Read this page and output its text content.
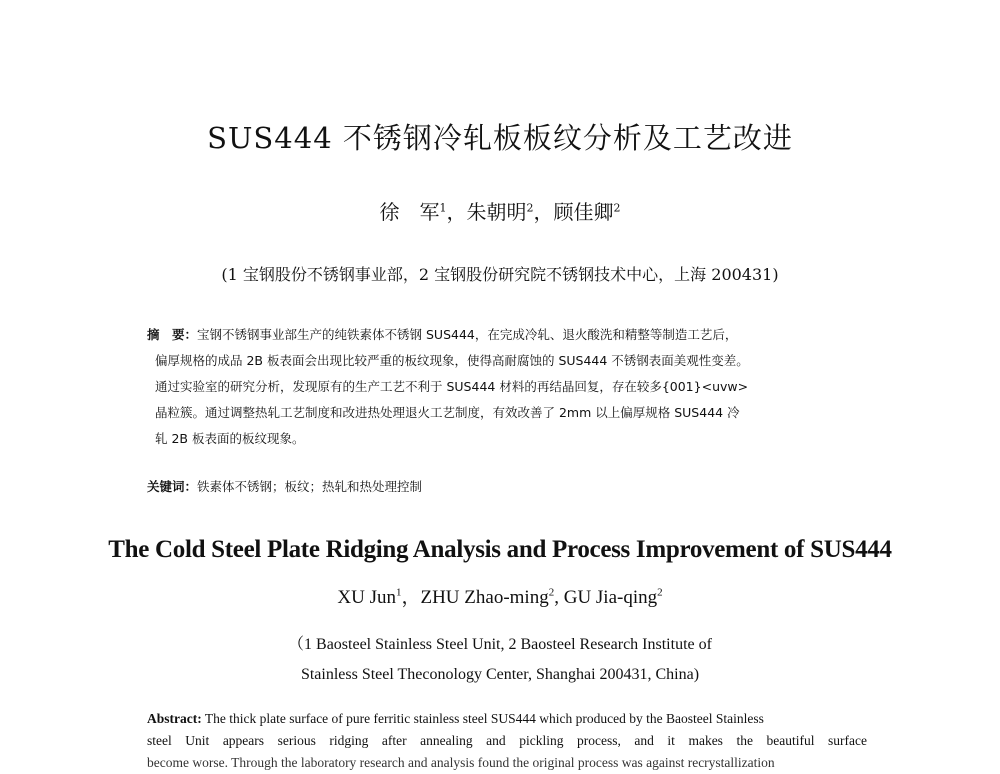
SUS444 不锈钢冷轧板板纹分析及工艺改进
徐　军$^1$，朱朝明$^2$，顾佳卿$^2$
(1 宝钢股份不锈钢事业部，2 宝钢股份研究院不锈钢技术中心，上海 200431)
摘　要：宝钢不锈钢事业部生产的纯铁素体不锈钢 SUS444，在完成冷轧、退火酸洗和精整等制造工艺后，
偏厚规格的成品 2B 板表面会出现比较严重的板纹现象，使得高耐腐蚀的 SUS444 不锈钢表面美观性变差。
通过实验室的研究分析，发现原有的生产工艺不利于 SUS444 材料的再结晶回复，存在较多{001}<uvw>
晶粒簇。通过调整热轧工艺制度和改进热处理退火工艺制度，有效改善了 2mm 以上偏厚规格 SUS444 冷
轧 2B 板表面的板纹现象。
关键词：铁素体不锈钢；板纹；热轧和热处理控制
The Cold Steel Plate Ridging Analysis and Process Improvement of SUS444
XU Jun$^1$，ZHU Zhao-ming$^2$, GU Jia-qing$^2$
（1 Baosteel Stainless Steel Unit, 2 Baosteel Research Institute of
Stainless Steel Theconology Center, Shanghai 200431, China)
Abstract: The thick plate surface of pure ferritic stainless steel SUS444 which produced by the Baosteel Stainless
steel Unit appears serious ridging after annealing and pickling process, and it makes the beautiful surface
become worse. Through the laboratory research and analysis found the original process was against recrystallization
